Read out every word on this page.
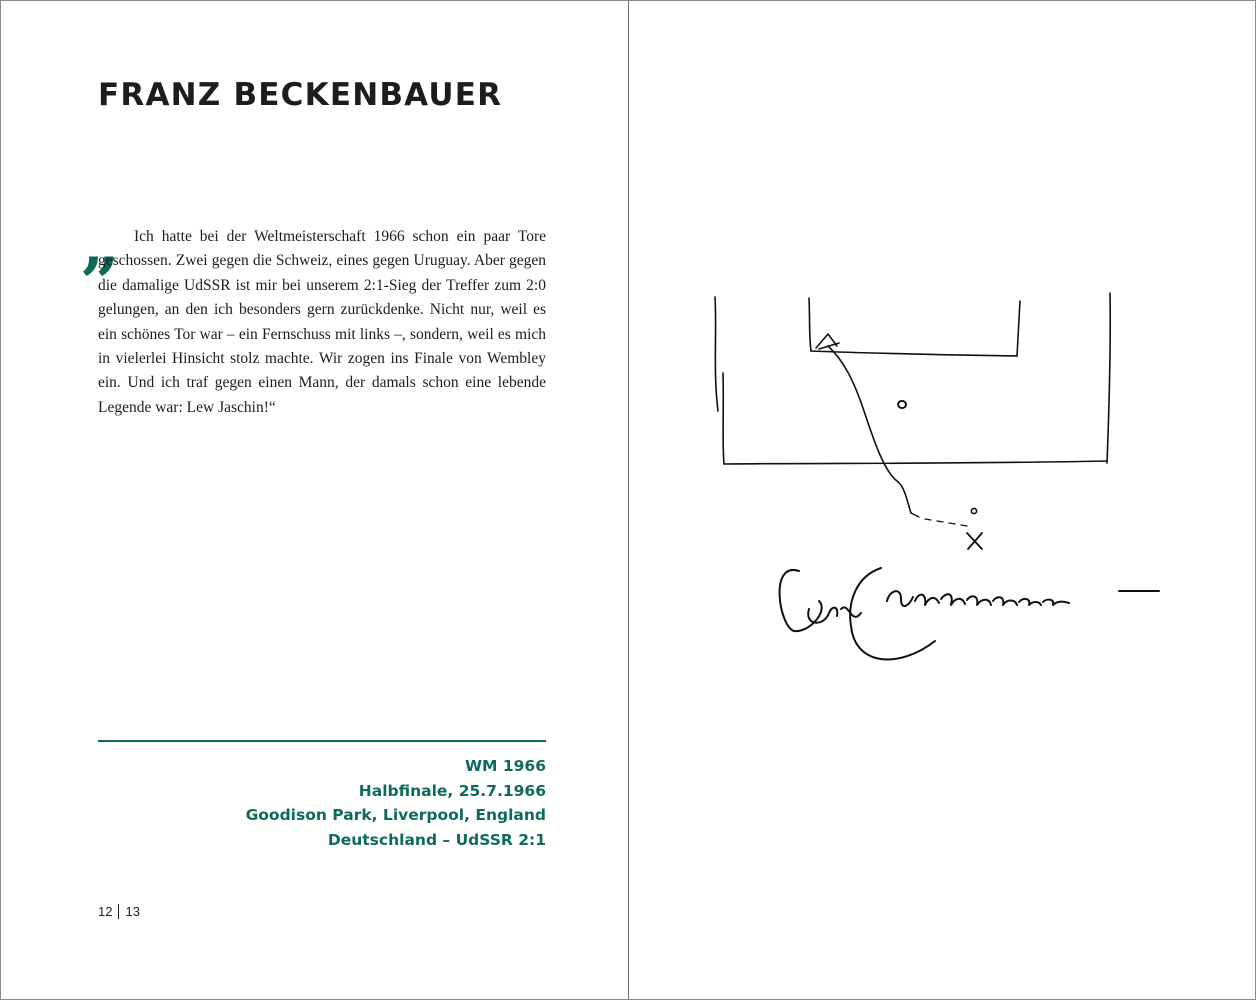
FRANZ BECKENBAUER
„	Ich hatte bei der Weltmeisterschaft 1966 schon ein paar Tore geschossen. Zwei gegen die Schweiz, eines gegen Uruguay. Aber gegen die damalige UdSSR ist mir bei unserem 2:1-Sieg der Treffer zum 2:0 gelungen, an den ich besonders gern zurückdenke. Nicht nur, weil es ein schönes Tor war – ein Fernschuss mit links –, sondern, weil es mich in vielerlei Hinsicht stolz machte. Wir zogen ins Finale von Wembley ein. Und ich traf gegen einen Mann, der damals schon eine lebende Legende war: Lew Jaschin!“

WM 1966
Halbfinale, 25.7.1966
Goodison Park, Liverpool, England
Deutschland – UdSSR 2:1
12 13
